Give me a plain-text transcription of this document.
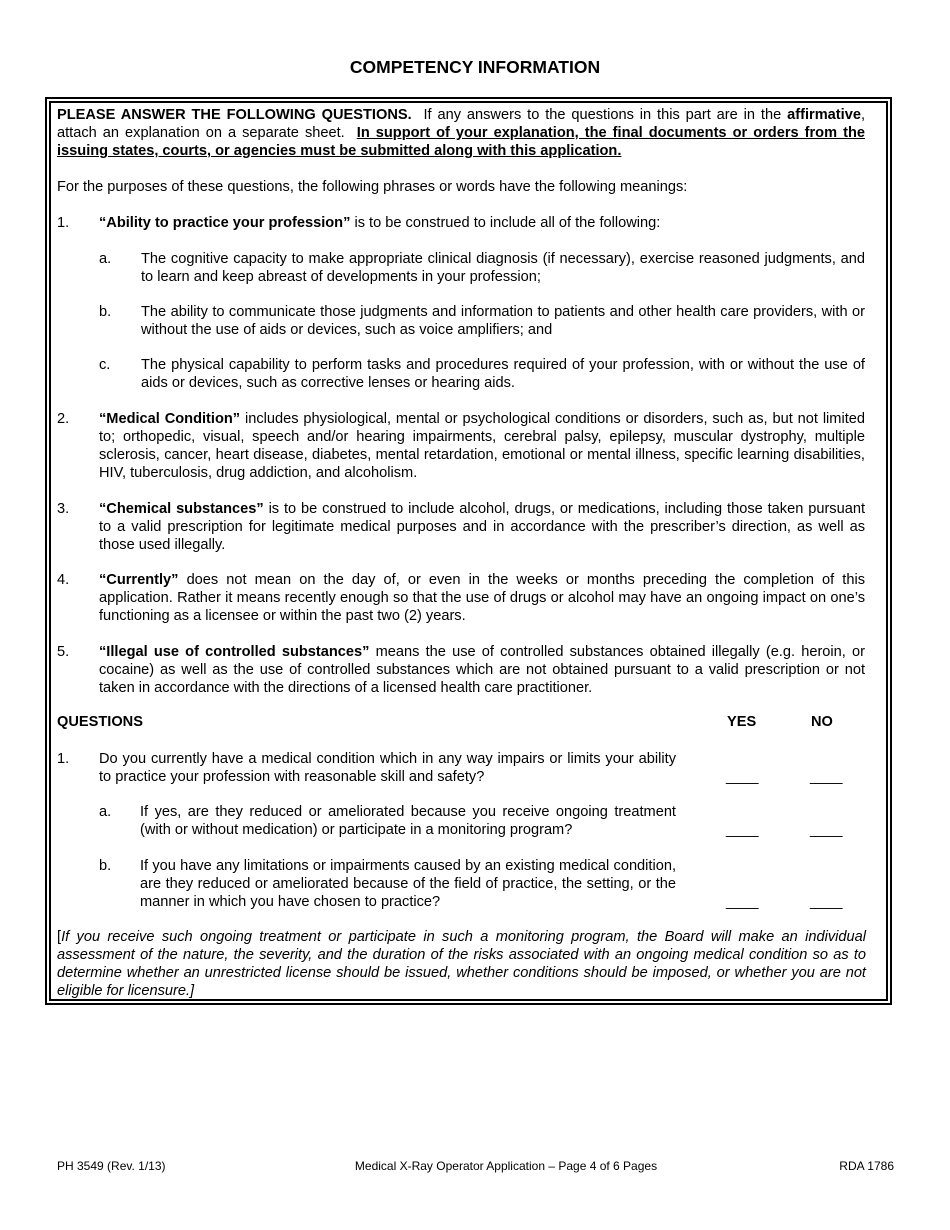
COMPETENCY INFORMATION
PLEASE ANSWER THE FOLLOWING QUESTIONS. If any answers to the questions in this part are in the affirmative, attach an explanation on a separate sheet. In support of your explanation, the final documents or orders from the issuing states, courts, or agencies must be submitted along with this application.
For the purposes of these questions, the following phrases or words have the following meanings:
1. “Ability to practice your profession” is to be construed to include all of the following:
a. The cognitive capacity to make appropriate clinical diagnosis (if necessary), exercise reasoned judgments, and to learn and keep abreast of developments in your profession;
b. The ability to communicate those judgments and information to patients and other health care providers, with or without the use of aids or devices, such as voice amplifiers; and
c. The physical capability to perform tasks and procedures required of your profession, with or without the use of aids or devices, such as corrective lenses or hearing aids.
2. “Medical Condition” includes physiological, mental or psychological conditions or disorders, such as, but not limited to; orthopedic, visual, speech and/or hearing impairments, cerebral palsy, epilepsy, muscular dystrophy, multiple sclerosis, cancer, heart disease, diabetes, mental retardation, emotional or mental illness, specific learning disabilities, HIV, tuberculosis, drug addiction, and alcoholism.
3. “Chemical substances” is to be construed to include alcohol, drugs, or medications, including those taken pursuant to a valid prescription for legitimate medical purposes and in accordance with the prescriber’s direction, as well as those used illegally.
4. “Currently” does not mean on the day of, or even in the weeks or months preceding the completion of this application. Rather it means recently enough so that the use of drugs or alcohol may have an ongoing impact on one’s functioning as a licensee or within the past two (2) years.
5. “Illegal use of controlled substances” means the use of controlled substances obtained illegally (e.g. heroin, or cocaine) as well as the use of controlled substances which are not obtained pursuant to a valid prescription or not taken in accordance with the directions of a licensed health care practitioner.
QUESTIONS	YES	NO
1. Do you currently have a medical condition which in any way impairs or limits your ability to practice your profession with reasonable skill and safety?	____	____
a. If yes, are they reduced or ameliorated because you receive ongoing treatment (with or without medication) or participate in a monitoring program?	____	____
b. If you have any limitations or impairments caused by an existing medical condition, are they reduced or ameliorated because of the field of practice, the setting, or the manner in which you have chosen to practice?	____	____
[If you receive such ongoing treatment or participate in such a monitoring program, the Board will make an individual assessment of the nature, the severity, and the duration of the risks associated with an ongoing medical condition so as to determine whether an unrestricted license should be issued, whether conditions should be imposed, or whether you are not eligible for licensure.]
PH 3549 (Rev. 1/13)	Medical X-Ray Operator Application – Page 4 of 6 Pages	RDA 1786
